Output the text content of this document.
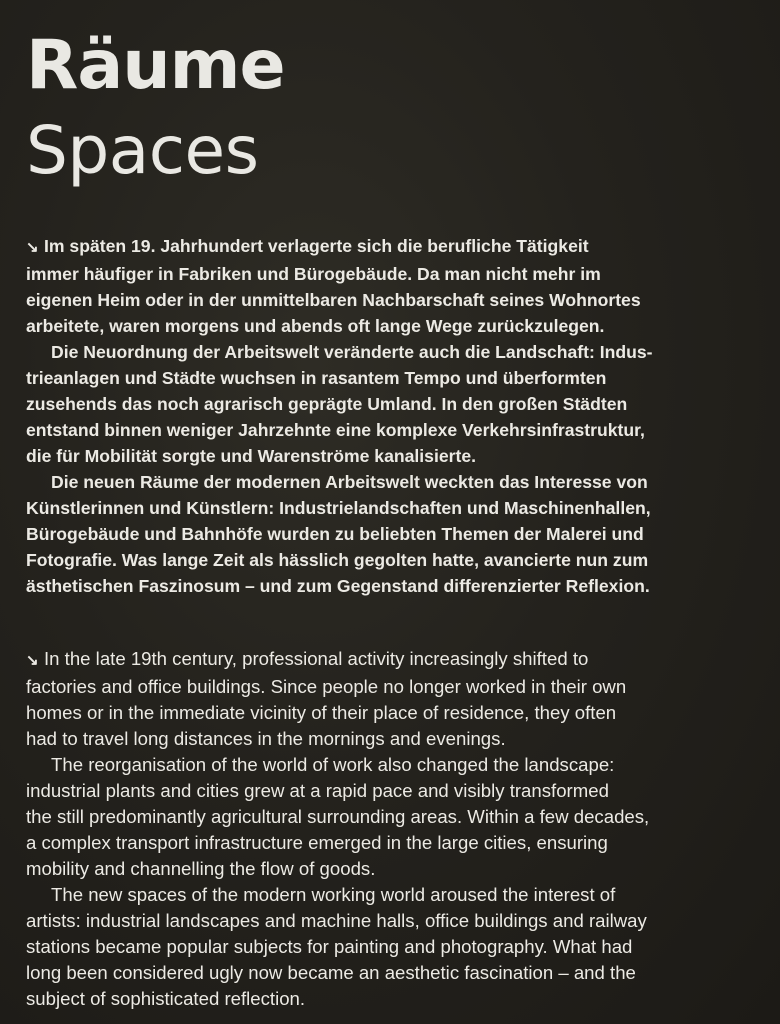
Räume
Spaces

↘ Im späten 19. Jahrhundert verlagerte sich die berufliche Tätigkeit

immer häufiger in Fabriken und Bürogebäude. Da man nicht mehr im

eigenen Heim oder in der unmittelbaren Nachbarschaft seines Wohnortes

arbeitete, waren morgens und abends oft lange Wege zurückzulegen.

Die Neuordnung der Arbeitswelt veränderte auch die Landschaft: Indus-

trieanlagen und Städte wuchsen in rasantem Tempo und überformten

zusehends das noch agrarisch geprägte Umland. In den großen Städten

entstand binnen weniger Jahrzehnte eine komplexe Verkehrsinfrastruktur,

die für Mobilität sorgte und Warenströme kanalisierte.

Die neuen Räume der modernen Arbeitswelt weckten das Interesse von

Künstlerinnen und Künstlern: Industrielandschaften und Maschinenhallen,

Bürogebäude und Bahnhöfe wurden zu beliebten Themen der Malerei und

Fotografie. Was lange Zeit als hässlich gegolten hatte, avancierte nun zum

ästhetischen Faszinosum – und zum Gegenstand differenzierter Reflexion.

↘ In the late 19th century, professional activity increasingly shifted to

factories and office buildings. Since people no longer worked in their own

homes or in the immediate vicinity of their place of residence, they often

had to travel long distances in the mornings and evenings.

The reorganisation of the world of work also changed the landscape:

industrial plants and cities grew at a rapid pace and visibly transformed

the still predominantly agricultural surrounding areas. Within a few decades,

a complex transport infrastructure emerged in the large cities, ensuring

mobility and channelling the flow of goods.

The new spaces of the modern working world aroused the interest of

artists: industrial landscapes and machine halls, office buildings and railway

stations became popular subjects for painting and photography. What had

long been considered ugly now became an aesthetic fascination – and the

subject of sophisticated reflection.
